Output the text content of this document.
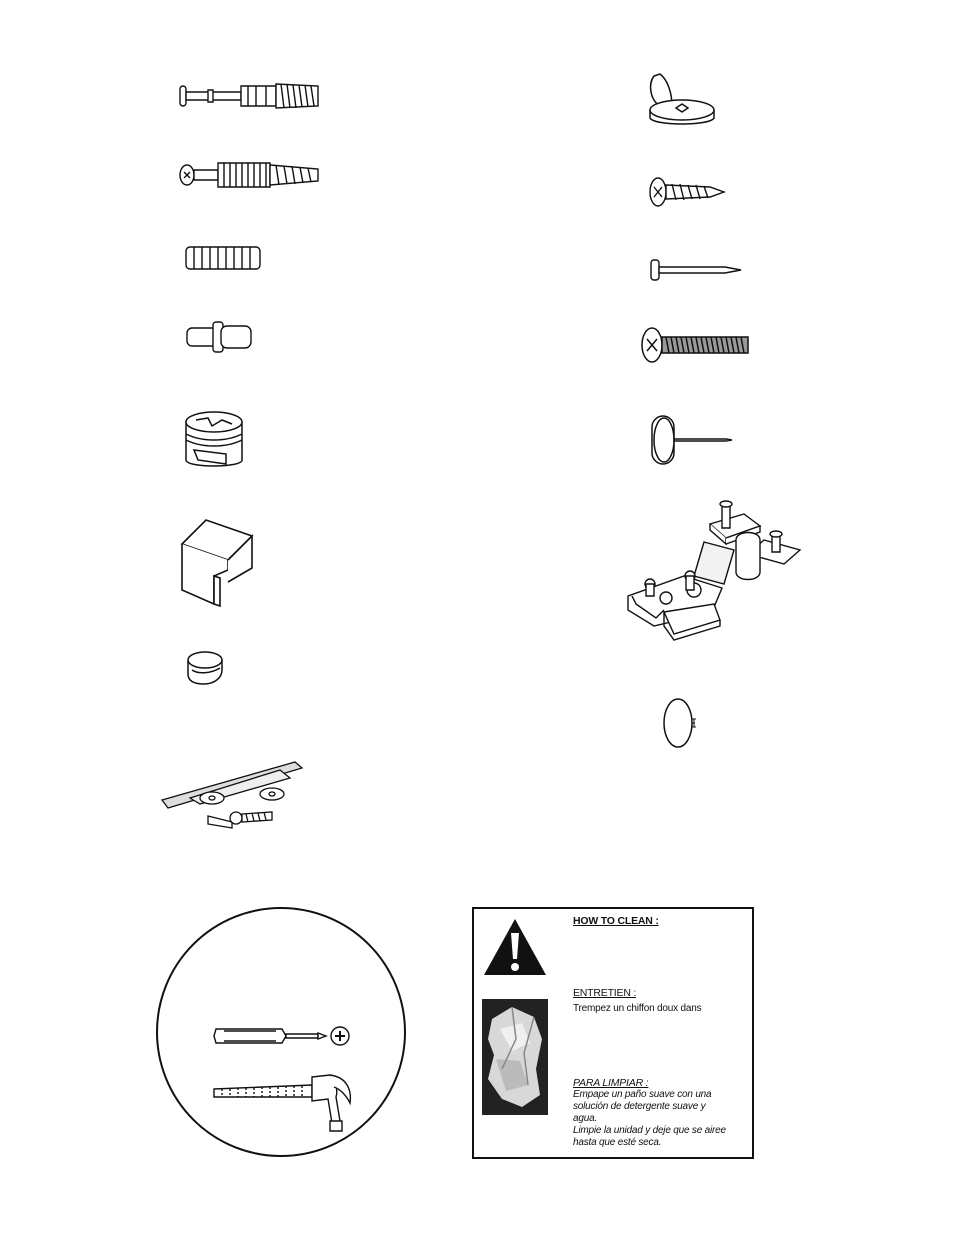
HOW TO CLEAN :
ENTRETIEN :
Trempez un chiffon doux dans
PARA LIMPIAR :
Empape un paño suave con una solución de detergente suave y agua.
Limpie la unidad y deje que se airee hasta que esté seca.
